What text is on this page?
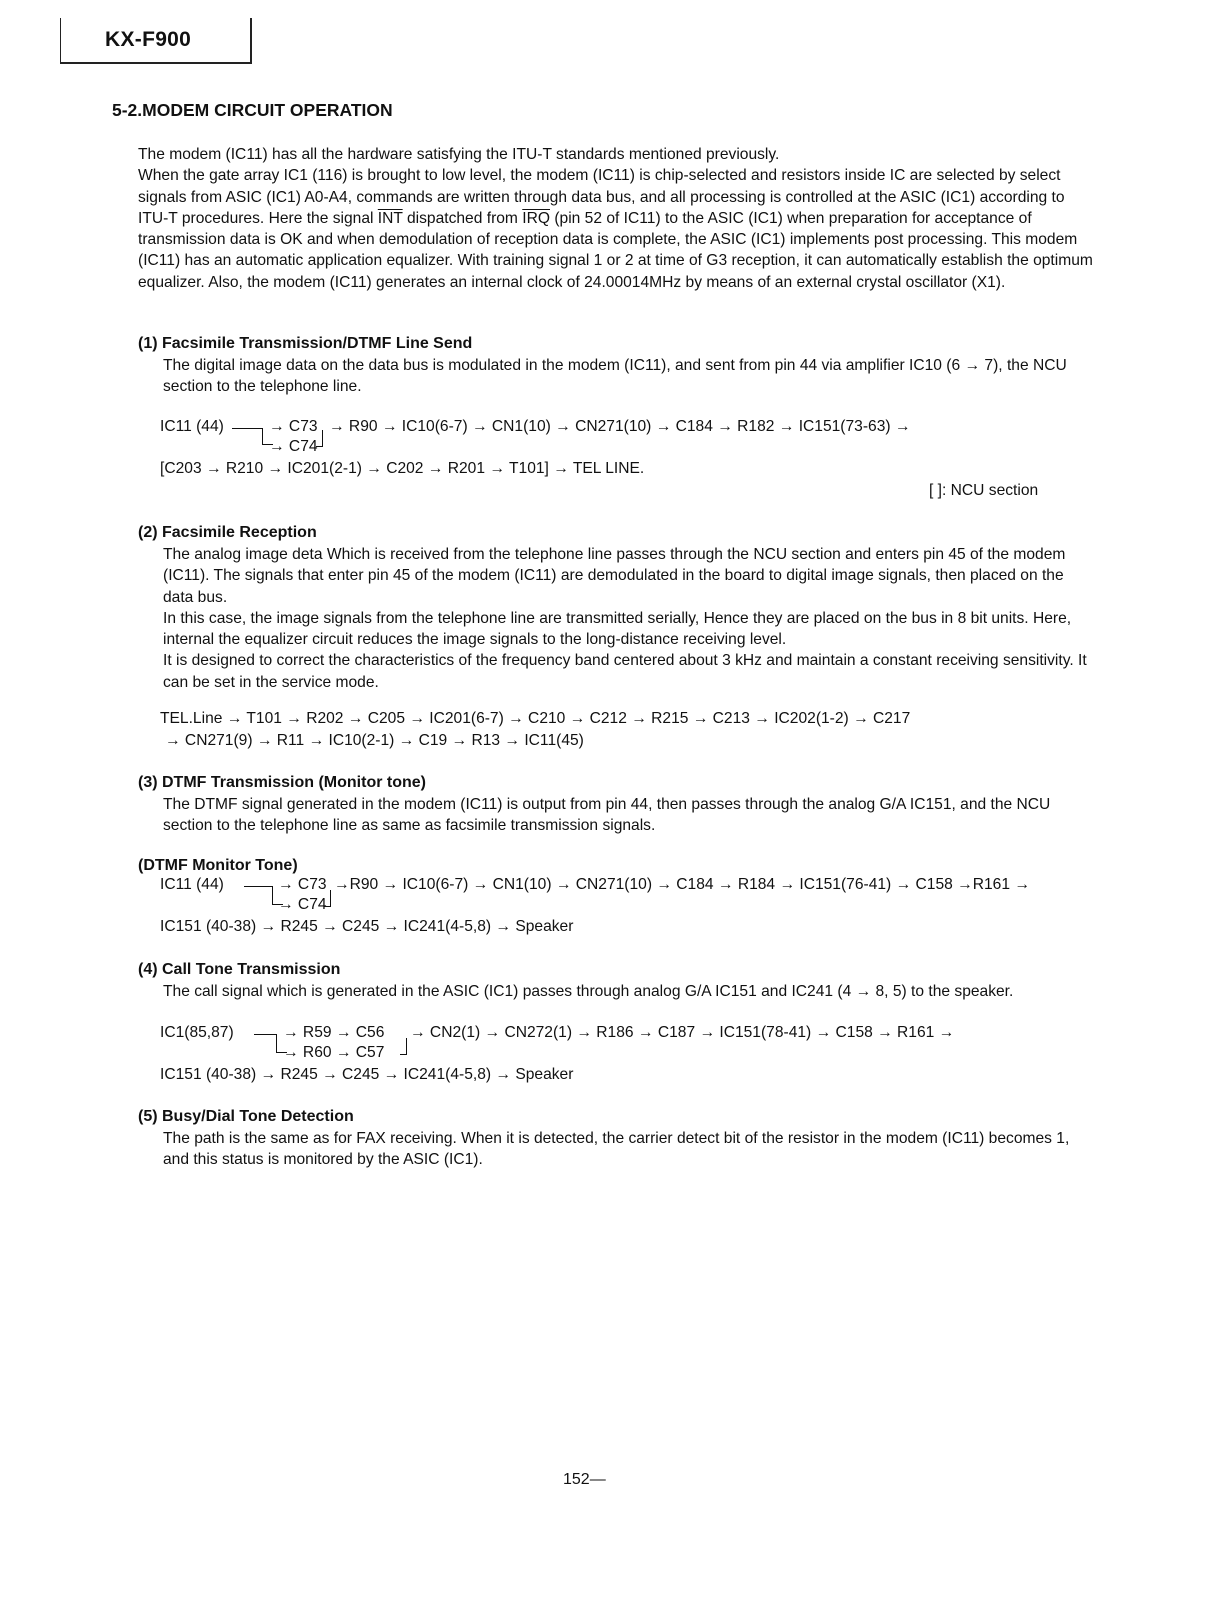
KX-F900
5-2.MODEM CIRCUIT OPERATION

The modem (IC11) has all the hardware satisfying the ITU-T standards mentioned previously.

When the gate array IC1 (116) is brought to low level, the modem (IC11) is chip-selected and resistors inside IC are selected by select signals from ASIC (IC1) A0-A4, commands are written through data bus, and all processing is controlled at the ASIC (IC1) according to ITU-T procedures. Here the signal $\overline{INT}$ dispatched from $\overline{IRQ}$ (pin 52 of IC11) to the ASIC (IC1) when preparation for acceptance of transmission data is OK and when demodulation of reception data is complete, the ASIC (IC1) implements post processing. This modem (IC11) has an automatic application equalizer. With training signal 1 or 2 at time of G3 reception, it can automatically establish the optimum equalizer. Also, the modem (IC11) generates an internal clock of 24.00014MHz by means of an external crystal oscillator (X1).

(1) Facsimile Transmission/DTMF Line Send
The digital image data on the data bus is modulated in the modem (IC11), and sent from pin 44 via amplifier IC10 (6 → 7), the NCU section to the telephone line.
IC11 (44)	→ C73
→ C74
→ R90 → IC10(6-7) → CN1(10) → CN271(10) → C184 → R182 → IC151(73-63) →
[C203 → R210 → IC201(2-1) → C202 → R201 → T101] → TEL LINE.
[ ]: NCU section
(2) Facsimile Reception

The analog image deta Which is received from the telephone line passes through the NCU section and enters pin 45 of the modem (IC11). The signals that enter pin 45 of the modem (IC11) are demodulated in the board to digital image signals, then placed on the data bus.

In this case, the image signals from the telephone line are transmitted serially, Hence they are placed on the bus in 8 bit units. Here, internal the equalizer circuit reduces the image signals to the long-distance receiving level.

It is designed to correct the characteristics of the frequency band centered about 3 kHz and maintain a constant receiving sensitivity. It can be set in the service mode.

TEL.Line → T101 → R202 → C205 → IC201(6-7) → C210 → C212 → R215 → C213 → IC202(1-2) → C217
→ CN271(9) → R11 → IC10(2-1) → C19 → R13 → IC11(45)
(3) DTMF Transmission (Monitor tone)
The DTMF signal generated in the modem (IC11) is output from pin 44, then passes through the analog G/A IC151, and the NCU section to the telephone line as same as facsimile transmission signals.
(DTMF Monitor Tone)
IC11 (44)	→ C73
→ C74
→R90 → IC10(6-7) → CN1(10) → CN271(10) → C184 → R184 → IC151(76-41) → C158 →R161 →
IC151 (40-38) → R245 → C245 → IC241(4-5,8) → Speaker
(4) Call Tone Transmission
The call signal which is generated in the ASIC (IC1) passes through analog G/A IC151 and IC241 (4 → 8, 5) to the speaker.
IC1(85,87)	→ R59 → C56
→ R60 → C57
→ CN2(1) → CN272(1) → R186 → C187 → IC151(78-41) → C158 → R161 →
IC151 (40-38) → R245 → C245 → IC241(4-5,8) → Speaker
(5) Busy/Dial Tone Detection
The path is the same as for FAX receiving. When it is detected, the carrier detect bit of the resistor in the modem (IC11) becomes 1, and this status is monitored by the ASIC (IC1).
152—
